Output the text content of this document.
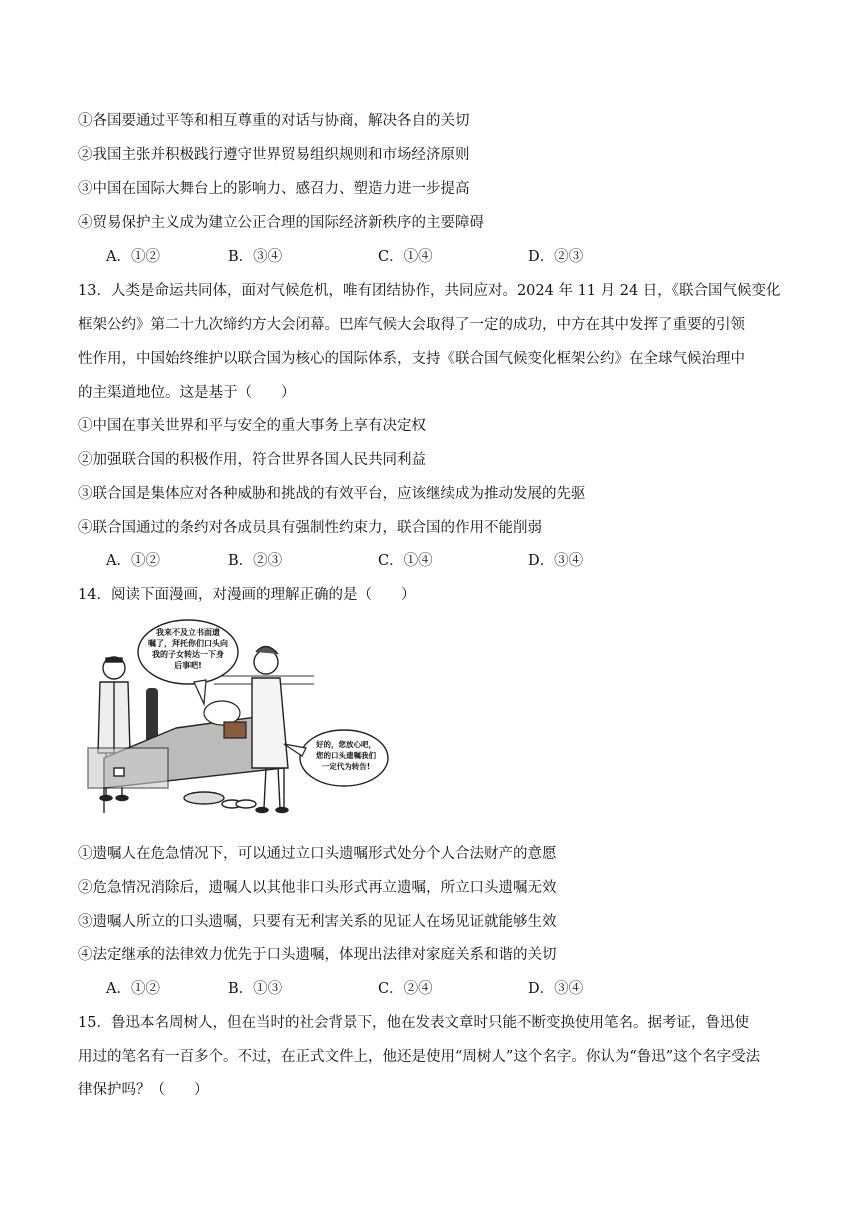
①各国要通过平等和相互尊重的对话与协商，解决各自的关切
②我国主张并积极践行遵守世界贸易组织规则和市场经济原则
③中国在国际大舞台上的影响力、感召力、塑造力进一步提高
④贸易保护主义成为建立公正合理的国际经济新秩序的主要障碍
A．①②	B．③④	C．①④	D．②③
13．人类是命运共同体，面对气候危机，唯有团结协作，共同应对。2024 年 11 月 24 日，《联合国气候变化
框架公约》第二十九次缔约方大会闭幕。巴库气候大会取得了一定的成功，中方在其中发挥了重要的引领
性作用，中国始终维护以联合国为核心的国际体系，支持《联合国气候变化框架公约》在全球气候治理中
的主渠道地位。这是基于（　　）
①中国在事关世界和平与安全的重大事务上享有决定权
②加强联合国的积极作用，符合世界各国人民共同利益
③联合国是集体应对各种威胁和挑战的有效平台，应该继续成为推动发展的先驱
④联合国通过的条约对各成员具有强制性约束力，联合国的作用不能削弱
A．①②	B．②③	C．①④	D．③④
14．阅读下面漫画，对漫画的理解正确的是（　　）
我来不及立书面遗
嘱了，拜托你们口头向
我的子女转达一下身
后事吧!
好的，您放心吧，
您的口头遗嘱我们
一定代为转告!
①遗嘱人在危急情况下，可以通过立口头遗嘱形式处分个人合法财产的意愿
②危急情况消除后，遗嘱人以其他非口头形式再立遗嘱，所立口头遗嘱无效
③遗嘱人所立的口头遗嘱，只要有无利害关系的见证人在场见证就能够生效
④法定继承的法律效力优先于口头遗嘱，体现出法律对家庭关系和谐的关切
A．①②	B．①③	C．②④	D．③④
15．鲁迅本名周树人，但在当时的社会背景下，他在发表文章时只能不断变换使用笔名。据考证，鲁迅使
用过的笔名有一百多个。不过，在正式文件上，他还是使用“周树人”这个名字。你认为“鲁迅”这个名字受法
律保护吗？（　　）
